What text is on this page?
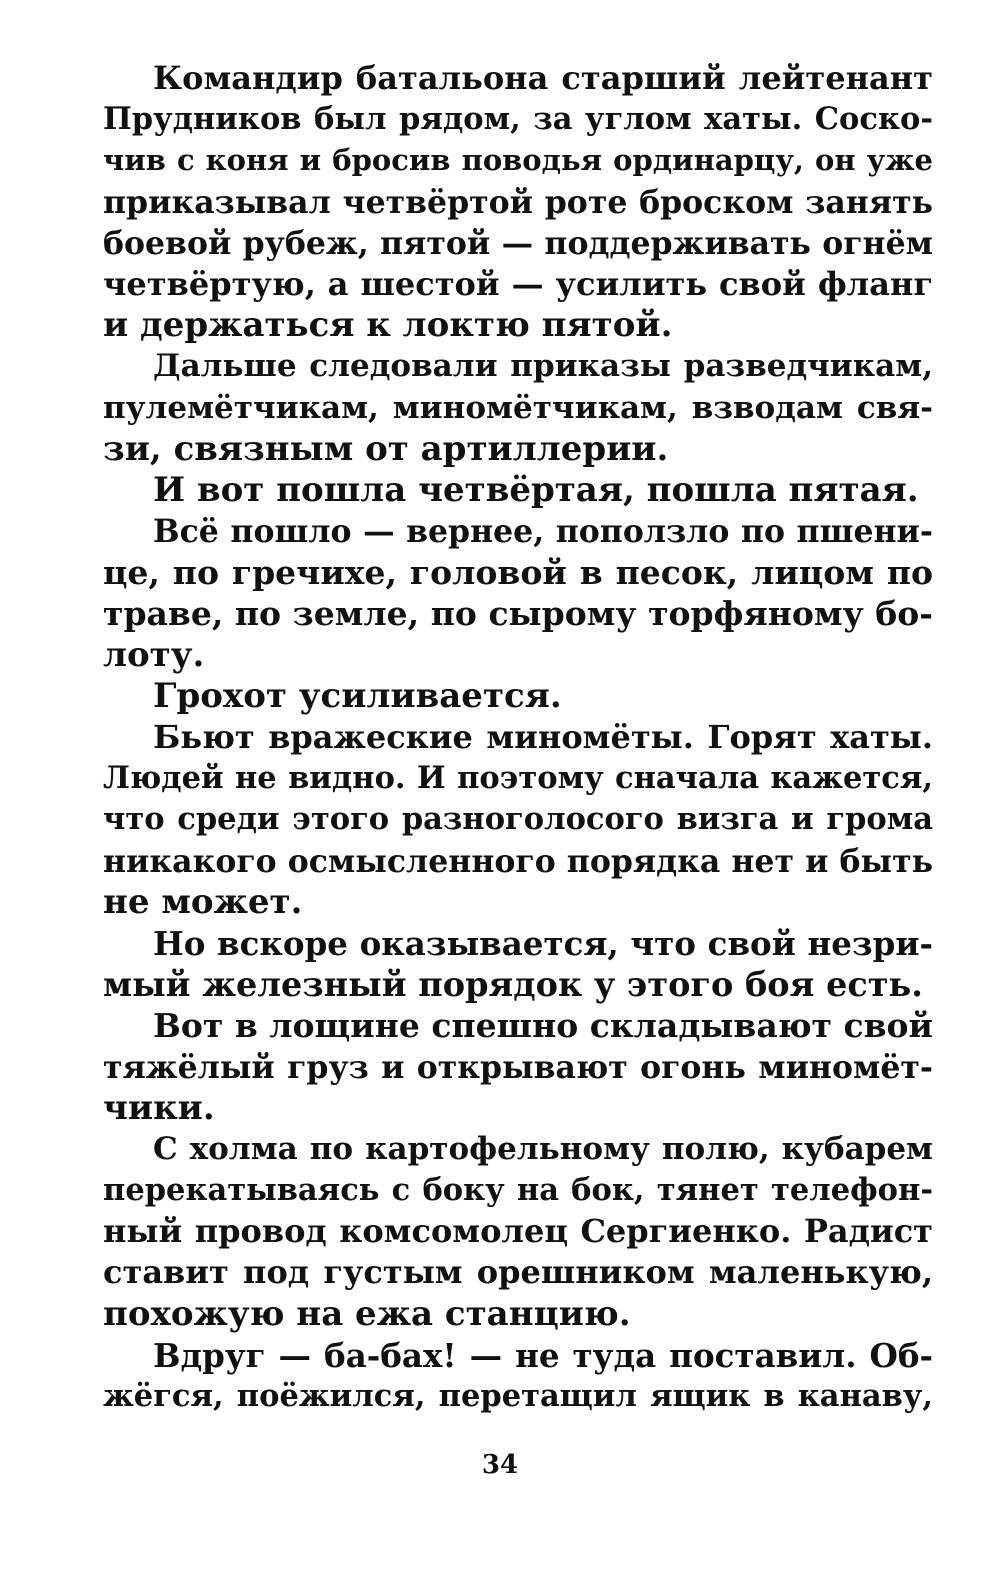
Командир батальона старший лейтенант
Прудников был рядом, за углом хаты. Соско-
чив с коня и бросив поводья ординарцу, он уже
приказывал четвёртой роте броском занять
боевой рубеж, пятой — поддерживать огнём
четвёртую, а шестой — усилить свой фланг
и держаться к локтю пятой.
Дальше следовали приказы разведчикам,
пулемётчикам, миномётчикам, взводам свя-
зи, связным от артиллерии.
И вот пошла четвёртая, пошла пятая.
Всё пошло — вернее, поползло по пшени-
це, по гречихе, головой в песок, лицом по
траве, по земле, по сырому торфяному бо-
лоту.
Грохот усиливается.
Бьют вражеские миномёты. Горят хаты.
Людей не видно. И поэтому сначала кажется,
что среди этого разноголосого визга и грома
никакого осмысленного порядка нет и быть
не может.
Но вскоре оказывается, что свой незри-
мый железный порядок у этого боя есть.
Вот в лощине спешно складывают свой
тяжёлый груз и открывают огонь миномёт-
чики.
С холма по картофельному полю, кубарем
перекатываясь с боку на бок, тянет телефон-
ный провод комсомолец Сергиенко. Радист
ставит под густым орешником маленькую,
похожую на ежа станцию.
Вдруг — ба-бах! — не туда поставил. Об-
жёгся, поёжился, перетащил ящик в канаву,
34
